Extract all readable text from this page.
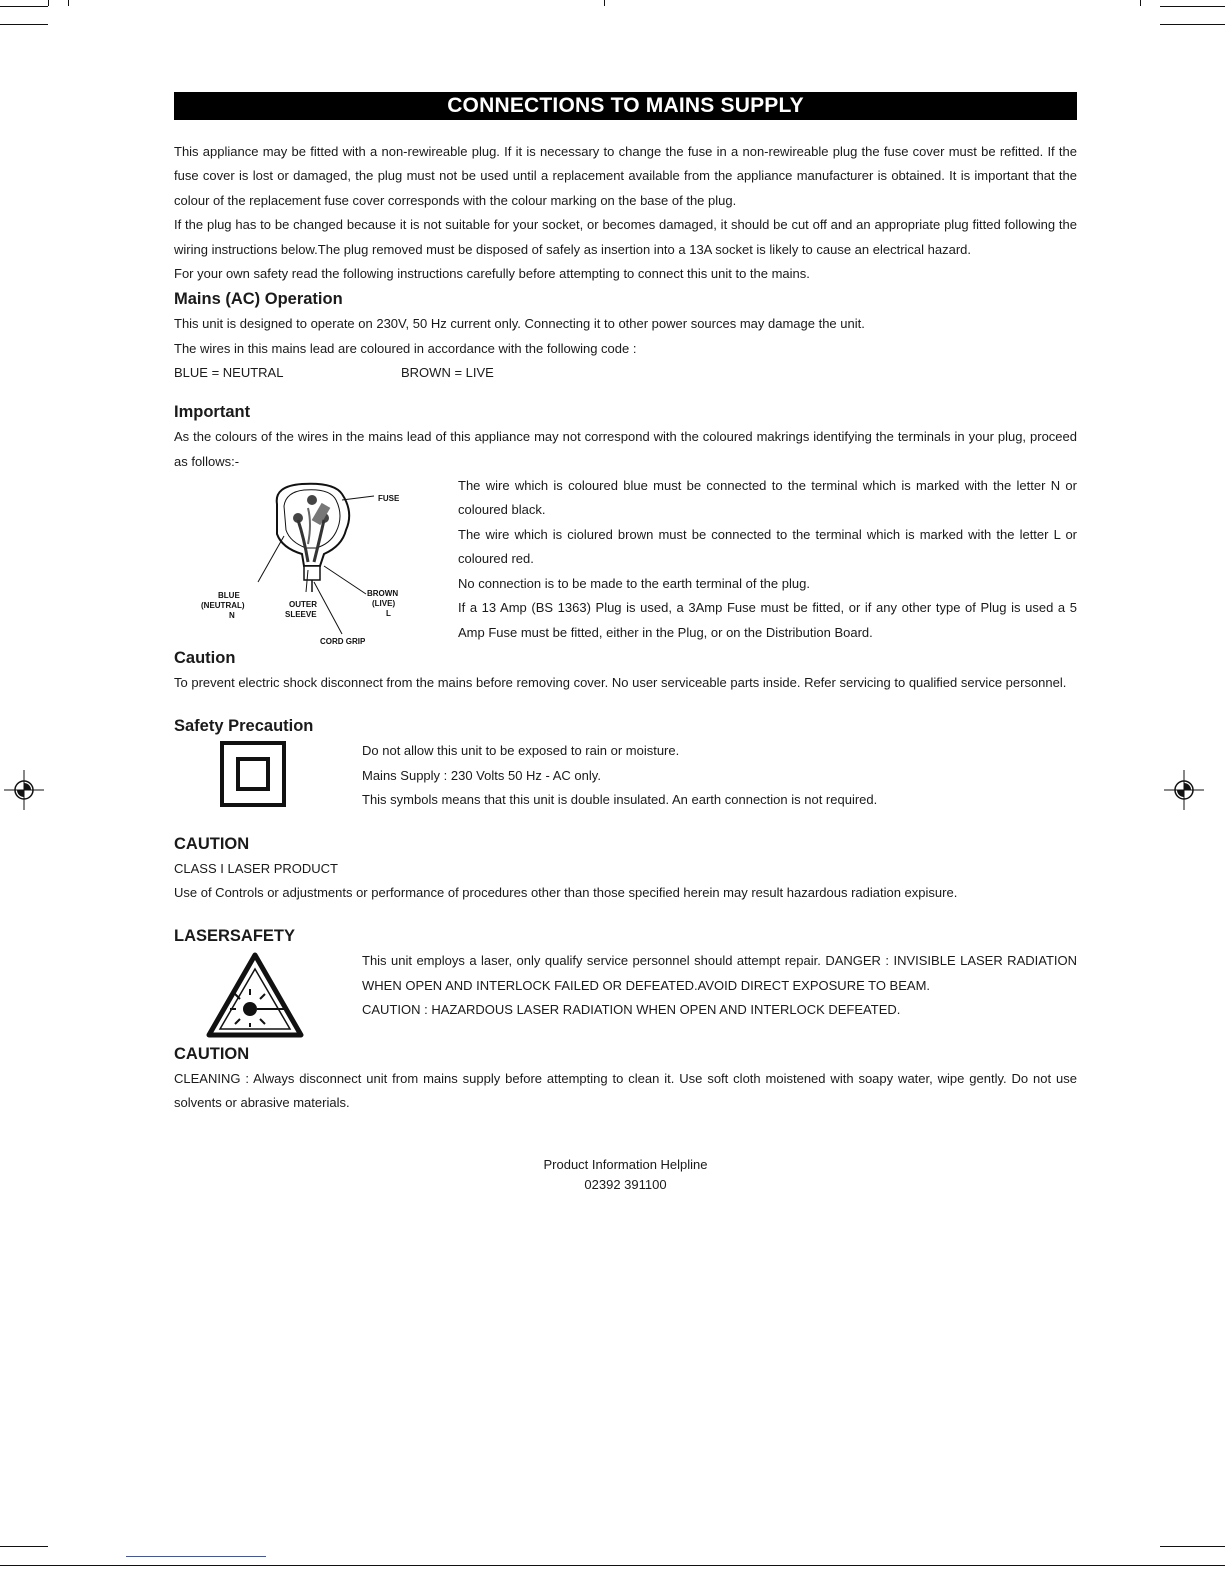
CONNECTIONS TO MAINS SUPPLY

This appliance may be fitted with a non-rewireable plug. If it is necessary to change the fuse in a non-rewireable plug the fuse cover must be refitted. If the fuse cover is lost or damaged, the plug must not be used until a replacement available from the appliance manufacturer is obtained. It is important that the colour of the replacement fuse cover corresponds with the colour marking on the base of the plug.

If the plug has to be changed because it is not suitable for your socket, or becomes damaged, it should be cut off and an appropriate plug fitted following the wiring instructions below.The plug removed must be disposed of safely as insertion into a 13A socket is likely to cause an electrical hazard.

For your own safety read the following instructions carefully before attempting to connect this unit to the mains.

Mains (AC) Operation

This unit is designed to operate on 230V, 50 Hz current only. Connecting it to other power sources may damage the unit.

The wires in this mains lead are coloured in accordance with the following code :

BLUE = NEUTRAL	BROWN = LIVE
Important

As the colours of the wires in the mains lead of this appliance may not correspond with the coloured makrings identifying the terminals in your plug, proceed as follows:-

FUSE
BLUE
(NEUTRAL)
N
OUTER
SLEEVE
BROWN
(LIVE)
L
CORD GRIP

The wire which is coloured blue must be connected to the terminal which is marked with the letter N or coloured black.

The wire which is ciolured brown must be connected to the terminal which is marked with the letter L or coloured red.

No connection is to be made to the earth terminal of the plug.

If a 13 Amp (BS 1363) Plug is used, a 3Amp Fuse must be fitted, or if any other type of Plug is used a 5 Amp Fuse must be fitted, either in the Plug, or on the Distribution Board.

Caution

To prevent electric shock disconnect from the mains before removing cover. No user serviceable parts inside. Refer servicing to qualified service personnel.

Safety Precaution

Do not allow this unit to be exposed to rain or moisture.

Mains Supply : 230 Volts 50 Hz - AC only.

This symbols means that this unit is double insulated. An earth connection is not required.

CAUTION

CLASS I LASER PRODUCT

Use of Controls or adjustments or performance of procedures other than those specified herein may result hazardous radiation expisure.

LASERSAFETY

This unit employs a laser, only qualify service personnel should attempt repair. DANGER : INVISIBLE LASER RADIATION WHEN OPEN AND INTERLOCK FAILED OR DEFEATED.AVOID DIRECT EXPOSURE TO BEAM.

CAUTION : HAZARDOUS LASER RADIATION WHEN OPEN AND INTERLOCK DEFEATED.

CAUTION

CLEANING : Always disconnect unit from mains supply before attempting to clean it. Use soft cloth moistened with soapy water, wipe gently. Do not use solvents or abrasive materials.

Product Information Helpline
02392 391100
